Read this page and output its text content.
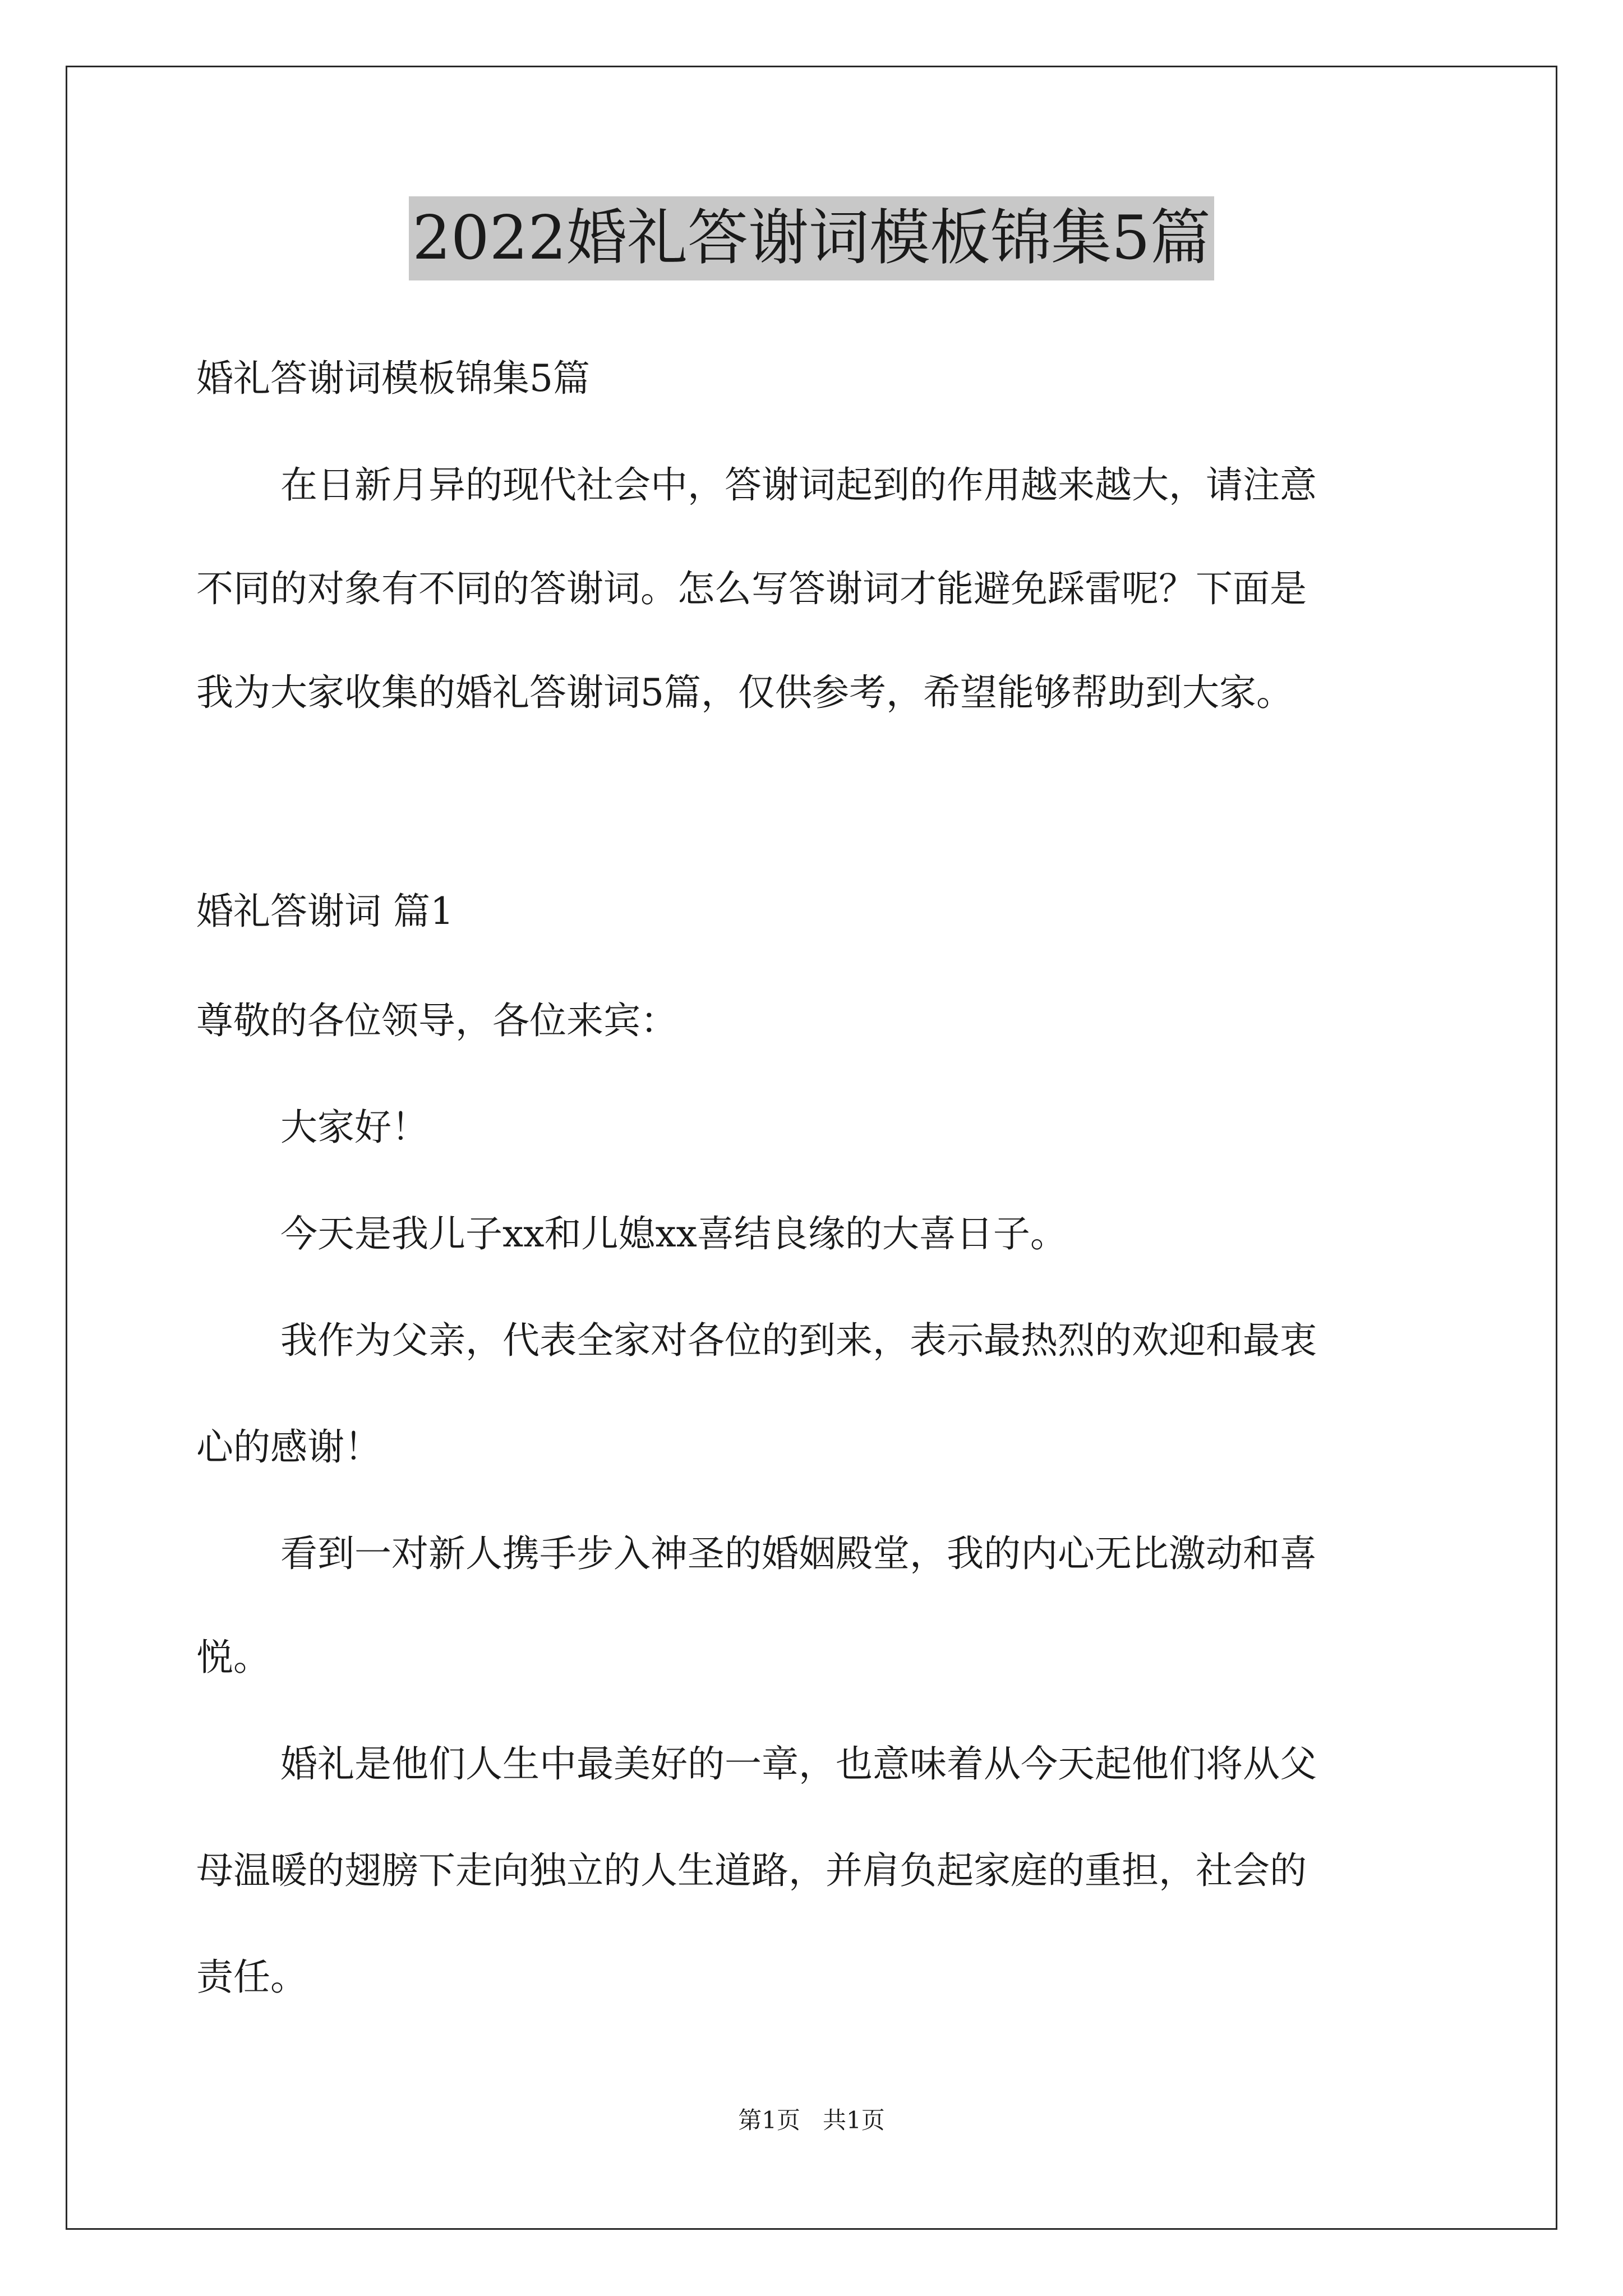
2022婚礼答谢词模板锦集5篇

婚礼答谢词模板锦集5篇

在日新月异的现代社会中，答谢词起到的作用越来越大，请注意

不同的对象有不同的答谢词。怎么写答谢词才能避免踩雷呢？下面是

我为大家收集的婚礼答谢词5篇，仅供参考，希望能够帮助到大家。

婚礼答谢词 篇1

尊敬的各位领导，各位来宾：

大家好！

今天是我儿子xx和儿媳xx喜结良缘的大喜日子。

我作为父亲，代表全家对各位的到来，表示最热烈的欢迎和最衷

心的感谢！

看到一对新人携手步入神圣的婚姻殿堂，我的内心无比激动和喜

悦。

婚礼是他们人生中最美好的一章，也意味着从今天起他们将从父

母温暖的翅膀下走向独立的人生道路，并肩负起家庭的重担，社会的

责任。

第1页 共1页
